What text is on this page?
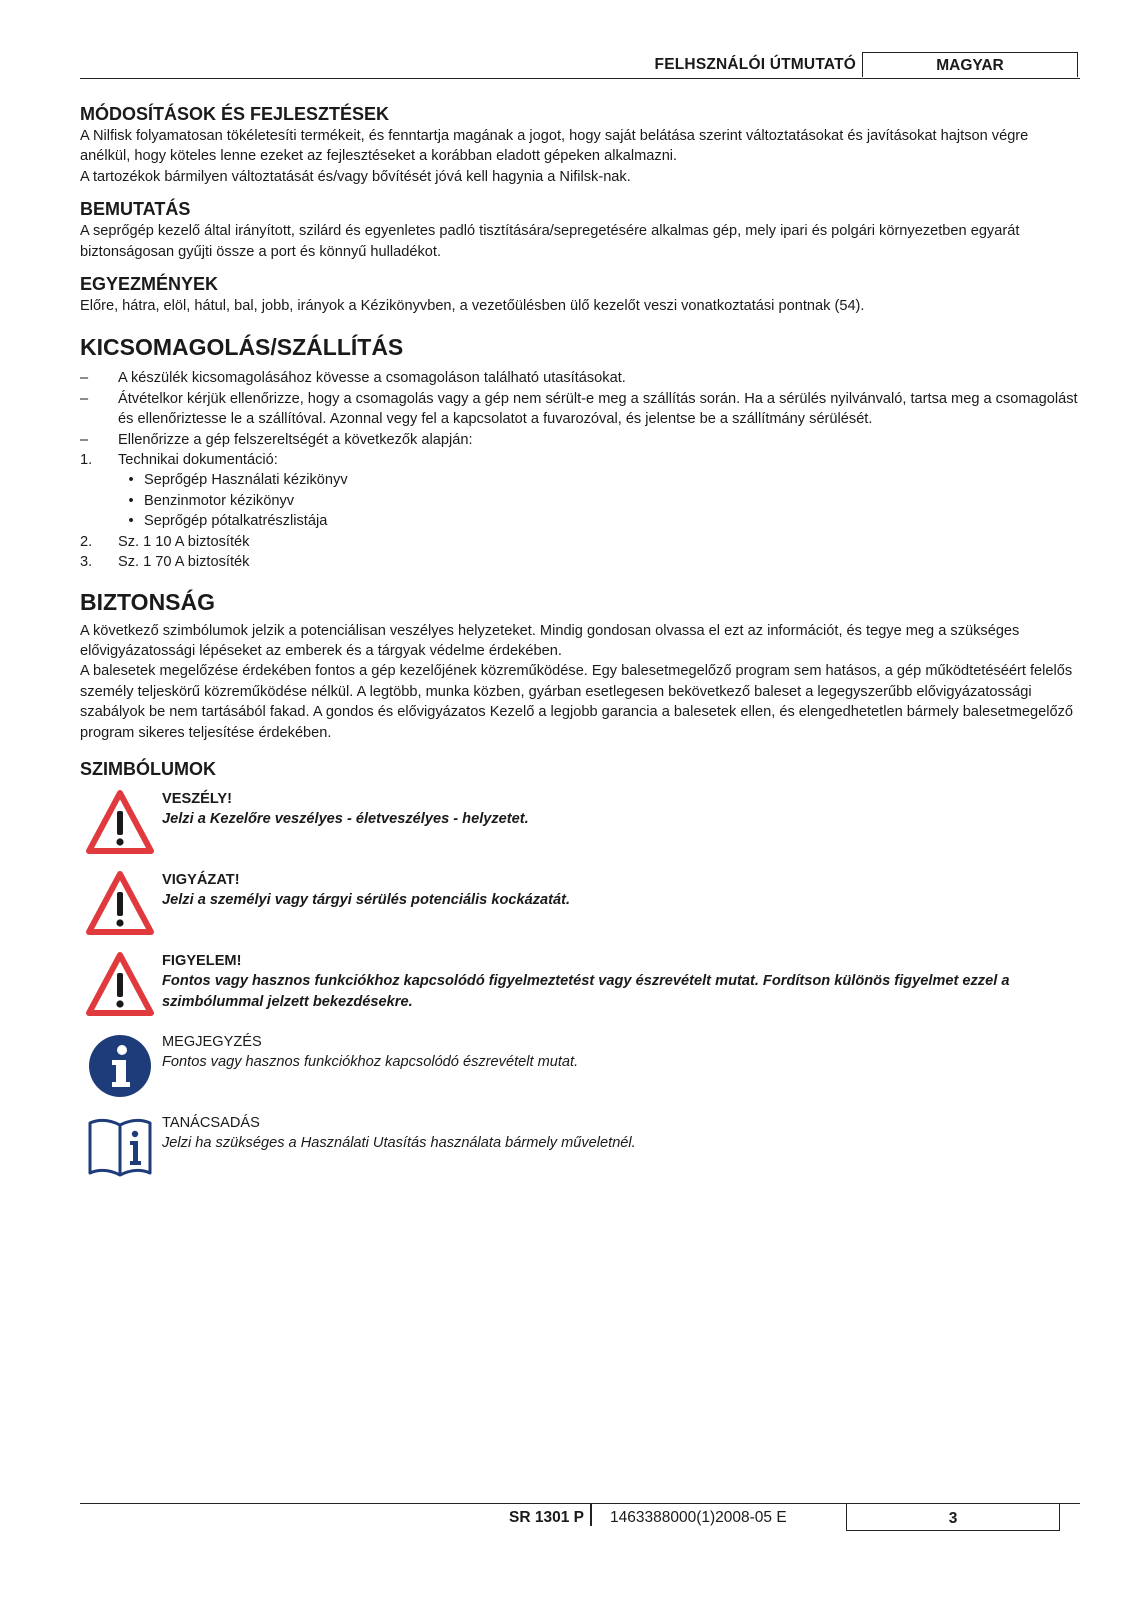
FELHSZNÁLÓI ÚTMUTATÓ	MAGYAR
MÓDOSÍTÁSOK ÉS FEJLESZTÉSEK

A Nilfisk folyamatosan tökéletesíti termékeit, és fenntartja magának a jogot, hogy saját belátása szerint változtatásokat és javításokat hajtson végre anélkül, hogy köteles lenne ezeket az fejlesztéseket a korábban eladott gépeken alkalmazni.

A tartozékok bármilyen változtatását és/vagy bővítését jóvá kell hagynia a Nifilsk-nak.

BEMUTATÁS

A seprőgép kezelő által irányított, szilárd és egyenletes padló tisztítására/sepregetésére alkalmas gép, mely ipari és polgári környezetben egyarát biztonságosan gyűjti össze a port és könnyű hulladékot.

EGYEZMÉNYEK

Előre, hátra, elöl, hátul, bal, jobb, irányok a Kézikönyvben, a vezetőülésben ülő kezelőt veszi vonatkoztatási pontnak (54).

KICSOMAGOLÁS/SZÁLLÍTÁS
–	A készülék kicsomagolásához kövesse a csomagoláson található utasításokat.
–	Átvételkor kérjük ellenőrizze, hogy a csomagolás vagy a gép nem sérült-e meg a szállítás során. Ha a sérülés nyilvánvaló, tartsa meg a csomagolást és ellenőriztesse le a szállítóval. Azonnal vegy fel a kapcsolatot a fuvarozóval, és jelentse be a szállítmány sérülését.
–	Ellenőrizze a gép felszereltségét a következők alapján:
1.	Technikai dokumentáció:
• Seprőgép Használati kézikönyv
• Benzinmotor kézikönyv
• Seprőgép pótalkatrészlistája
2.	Sz. 1 10 A biztosíték
3.	Sz. 1 70 A biztosíték
BIZTONSÁG

A következő szimbólumok jelzik a potenciálisan veszélyes helyzeteket. Mindig gondosan olvassa el ezt az információt, és tegye meg a szükséges elővigyázatossági lépéseket az emberek és a tárgyak védelme érdekében.

A balesetek megelőzése érdekében fontos a gép kezelőjének közreműködése. Egy balesetmegelőző program sem hatásos, a gép működtetéséért felelős személy teljeskörű közreműködése nélkül. A legtöbb, munka közben, gyárban esetlegesen bekövetkező baleset a legegyszerűbb elővigyázatossági szabályok be nem tartásából fakad. A gondos és elővigyázatos Kezelő a legjobb garancia a balesetek ellen, és elengedhetetlen bármely balesetmegelőző program sikeres teljesítése érdekében.

SZIMBÓLUMOK
VESZÉLY!
Jelzi a Kezelőre veszélyes - életveszélyes - helyzetet.
VIGYÁZAT!
Jelzi a személyi vagy tárgyi sérülés potenciális kockázatát.
FIGYELEM!
Fontos vagy hasznos funkciókhoz kapcsolódó figyelmeztetést vagy észrevételt mutat. Fordítson különös figyelmet ezzel a szimbólummal jelzett bekezdésekre.
MEGJEGYZÉS
Fontos vagy hasznos funkciókhoz kapcsolódó észrevételt mutat.
TANÁCSADÁS
Jelzi ha szükséges a Használati Utasítás használata bármely műveletnél.
SR 1301 P 1463388000(1)2008-05 E	3
